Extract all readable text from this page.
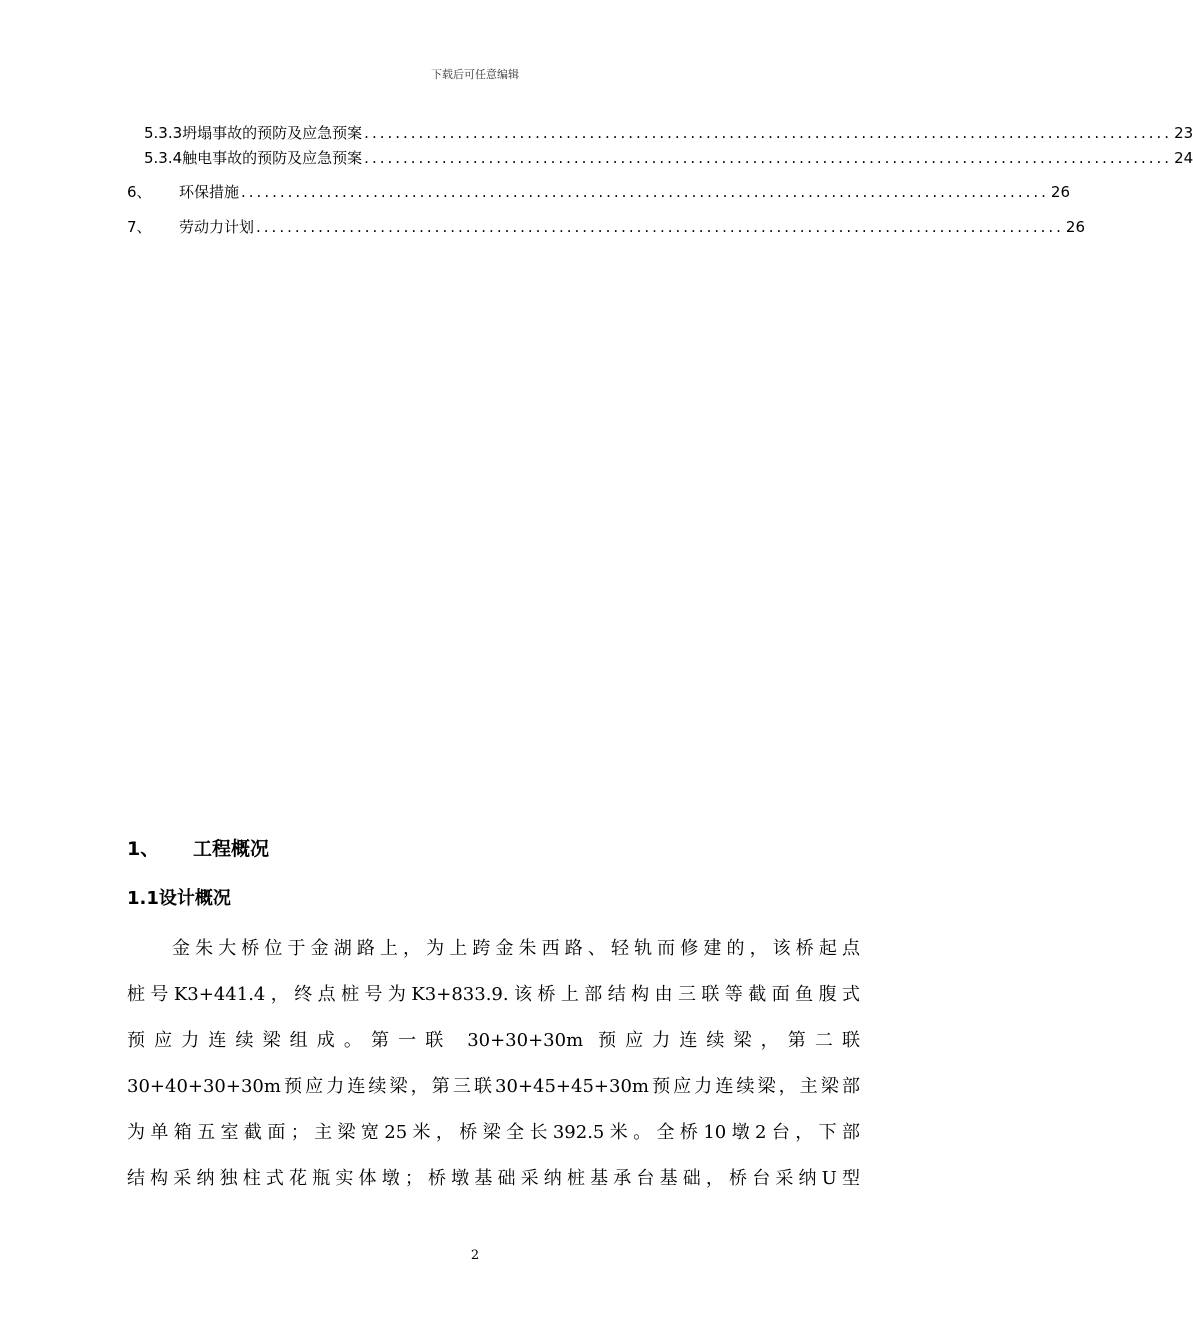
下载后可任意编辑
5.3.3坍塌事故的预防及应急预案 ........................................................................................................ 23
5.3.4触电事故的预防及应急预案 ........................................................................................................ 24
6、 环保措施 ........................................................................................................ 26
7、 劳动力计划 ........................................................................................................ 26
1、 工程概况
1.1设计概况
金朱大桥位于金湖路上，为上跨金朱西路、轻轨而修建的，该桥起点
桩号K3+441.4，终点桩号为K3+833.9.该桥上部结构由三联等截面鱼腹式
预应力连续梁组成。第一联 30+30+30m 预应力连续梁，第二联
30+40+30+30m预应力连续梁，第三联30+45+45+30m预应力连续梁，主梁部
为单箱五室截面；主梁宽25米，桥梁全长392.5米。全桥10墩2台，下部
结构采纳独柱式花瓶实体墩；桥墩基础采纳桩基承台基础，桥台采纳U型
2
